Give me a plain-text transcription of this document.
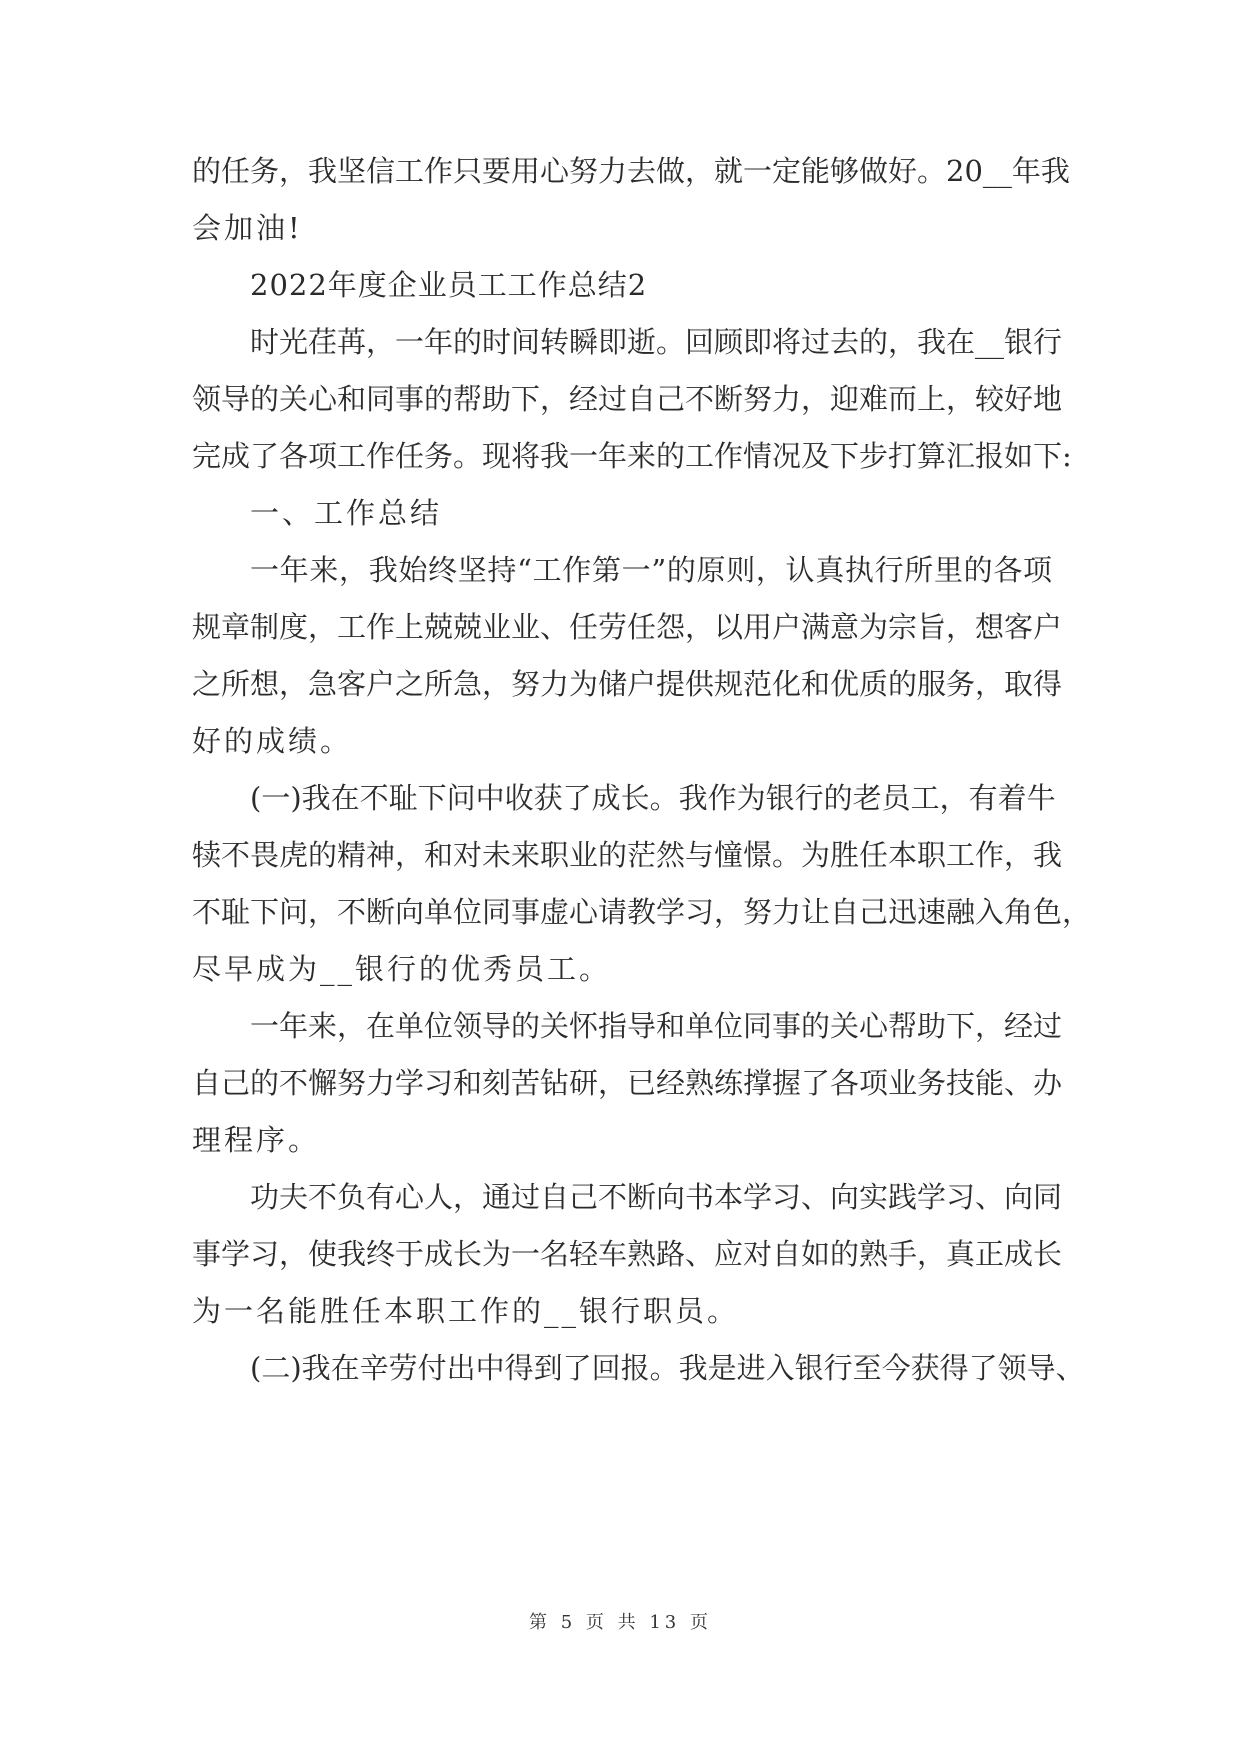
的任务，我坚信工作只要用心努力去做，就一定能够做好。20__年我

会加油!

2022年度企业员工工作总结2

时光荏苒，一年的时间转瞬即逝。回顾即将过去的，我在__银行

领导的关心和同事的帮助下，经过自己不断努力，迎难而上，较好地

完成了各项工作任务。现将我一年来的工作情况及下步打算汇报如下:

一、工作总结

一年来，我始终坚持“工作第一”的原则，认真执行所里的各项

规章制度，工作上兢兢业业、任劳任怨，以用户满意为宗旨，想客户

之所想，急客户之所急，努力为储户提供规范化和优质的服务，取得

好的成绩。

(一)我在不耻下问中收获了成长。我作为银行的老员工，有着牛

犊不畏虎的精神，和对未来职业的茫然与憧憬。为胜任本职工作，我

不耻下问，不断向单位同事虚心请教学习，努力让自己迅速融入角色，

尽早成为__银行的优秀员工。

一年来，在单位领导的关怀指导和单位同事的关心帮助下，经过

自己的不懈努力学习和刻苦钻研，已经熟练撑握了各项业务技能、办

理程序。

功夫不负有心人，通过自己不断向书本学习、向实践学习、向同

事学习，使我终于成长为一名轻车熟路、应对自如的熟手，真正成长

为一名能胜任本职工作的__银行职员。

(二)我在辛劳付出中得到了回报。我是进入银行至今获得了领导、

第 5 页 共 13 页
